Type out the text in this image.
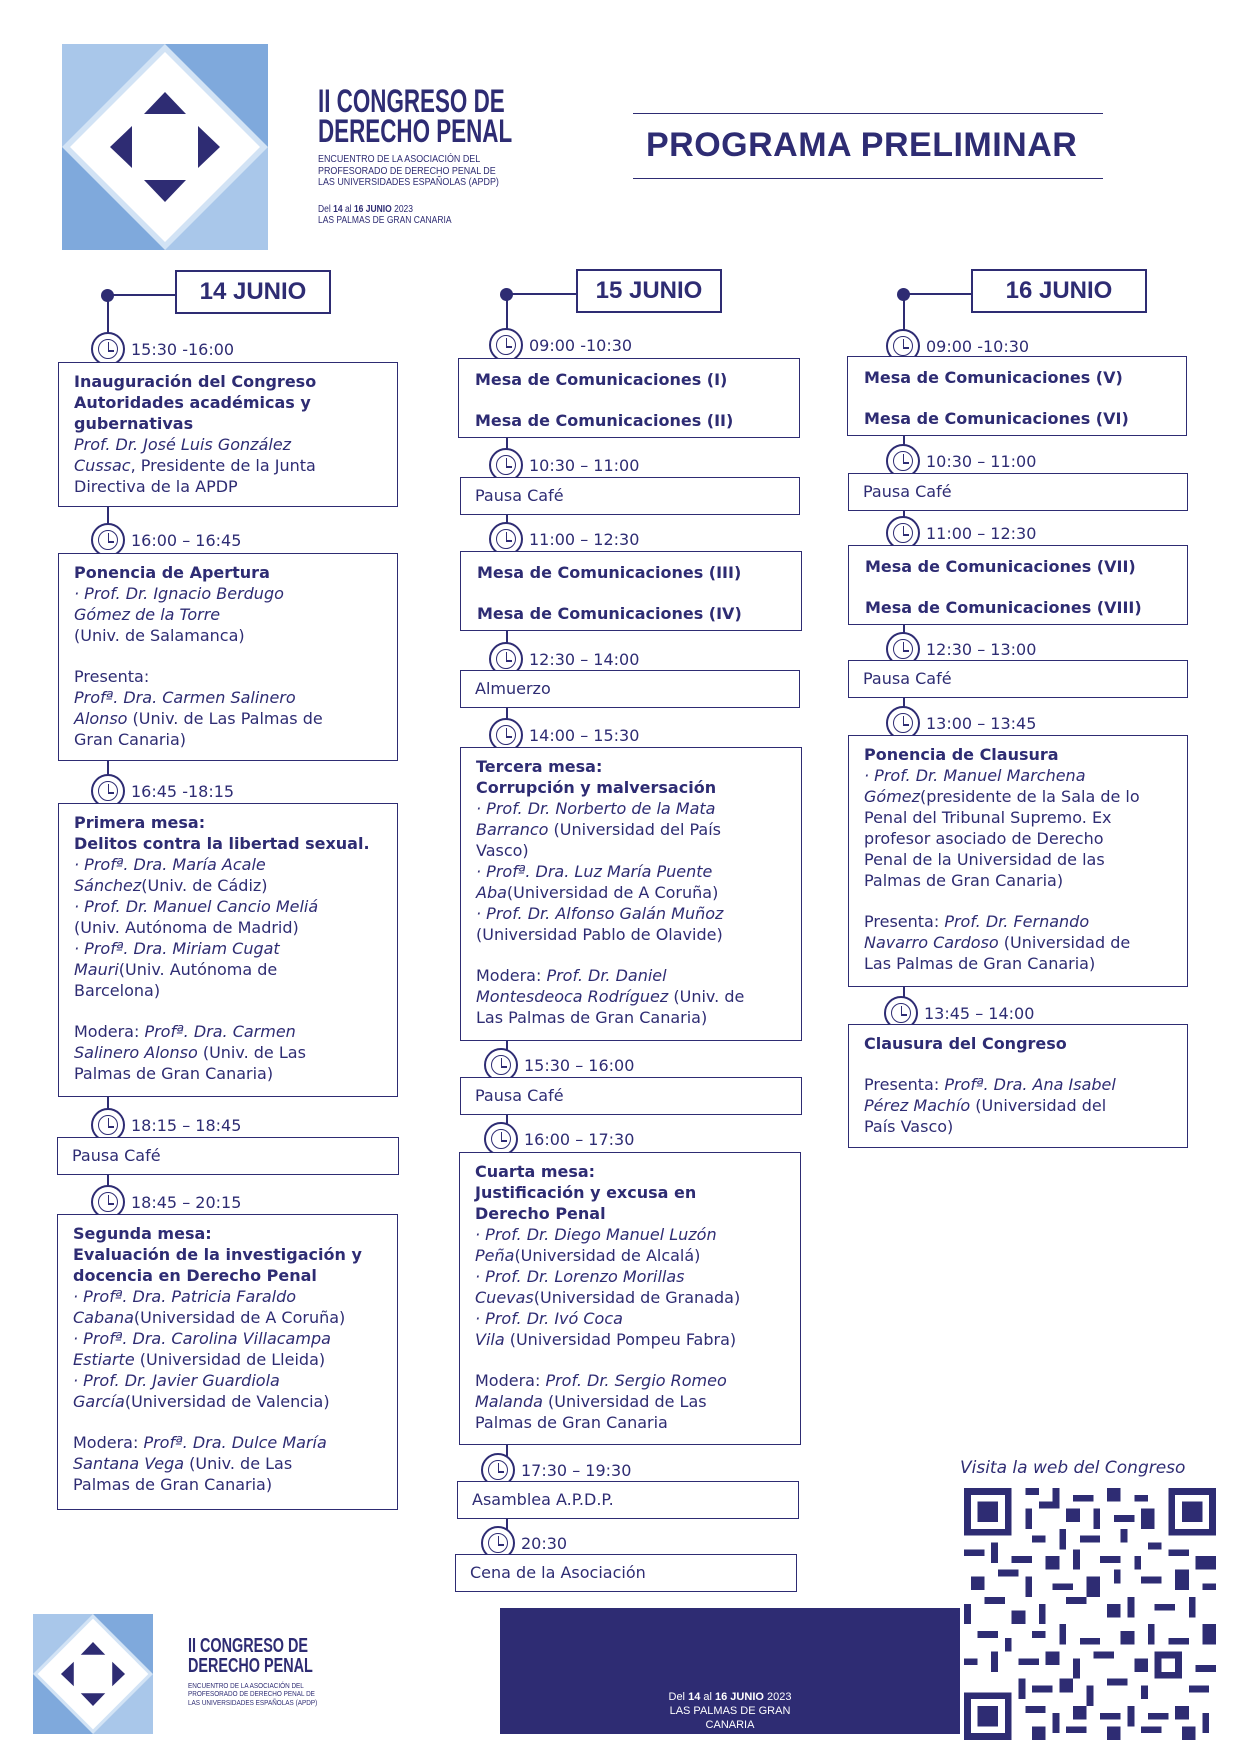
II CONGRESO DE
DERECHO PENAL
ENCUENTRO DE LA ASOCIACIÓN DEL
PROFESORADO DE DERECHO PENAL DE
LAS UNIVERSIDADES ESPAÑOLAS (APDP)
Del 14 al 16 JUNIO 2023
LAS PALMAS DE GRAN CANARIA
PROGRAMA PRELIMINAR
14 JUNIO
15:30 -16:00
Inauguración del Congreso
Autoridades académicas y
gubernativas
Prof. Dr. José Luis González
Cussac, Presidente de la Junta
Directiva de la APDP
16:00 – 16:45
Ponencia de Apertura
· Prof. Dr. Ignacio Berdugo
Gómez de la Torre
(Univ. de Salamanca)
Presenta:
Profª. Dra. Carmen Salinero
Alonso (Univ. de Las Palmas de
Gran Canaria)
16:45 -18:15
Primera mesa:
Delitos contra la libertad sexual.
· Profª. Dra. María Acale
Sánchez(Univ. de Cádiz)
· Prof. Dr. Manuel Cancio Meliá
(Univ. Autónoma de Madrid)
· Profª. Dra. Miriam Cugat
Mauri(Univ. Autónoma de
Barcelona)
Modera: Profª. Dra. Carmen
Salinero Alonso (Univ. de Las
Palmas de Gran Canaria)
18:15 – 18:45
Pausa Café
18:45 – 20:15
Segunda mesa:
Evaluación de la investigación y
docencia en Derecho Penal
· Profª. Dra. Patricia Faraldo
Cabana(Universidad de A Coruña)
· Profª. Dra. Carolina Villacampa
Estiarte (Universidad de Lleida)
· Prof. Dr. Javier Guardiola
García(Universidad de Valencia)
Modera: Profª. Dra. Dulce María
Santana Vega (Univ. de Las
Palmas de Gran Canaria)
15 JUNIO
09:00 -10:30
Mesa de Comunicaciones (I)
Mesa de Comunicaciones (II)
10:30 – 11:00
Pausa Café
11:00 – 12:30
Mesa de Comunicaciones (III)
Mesa de Comunicaciones (IV)
12:30 – 14:00
Almuerzo
14:00 – 15:30
Tercera mesa:
Corrupción y malversación
· Prof. Dr. Norberto de la Mata
Barranco (Universidad del País
Vasco)
· Profª. Dra. Luz María Puente
Aba(Universidad de A Coruña)
· Prof. Dr. Alfonso Galán Muñoz
(Universidad Pablo de Olavide)
Modera: Prof. Dr. Daniel
Montesdeoca Rodríguez (Univ. de
Las Palmas de Gran Canaria)
15:30 – 16:00
Pausa Café
16:00 – 17:30
Cuarta mesa:
Justificación y excusa en
Derecho Penal
· Prof. Dr. Diego Manuel Luzón
Peña(Universidad de Alcalá)
· Prof. Dr. Lorenzo Morillas
Cuevas(Universidad de Granada)
· Prof. Dr. Ivó Coca
Vila (Universidad Pompeu Fabra)
Modera: Prof. Dr. Sergio Romeo
Malanda (Universidad de Las
Palmas de Gran Canaria
17:30 – 19:30
Asamblea A.P.D.P.
20:30
Cena de la Asociación
16 JUNIO
09:00 -10:30
Mesa de Comunicaciones (V)
Mesa de Comunicaciones (VI)
10:30 – 11:00
Pausa Café
11:00 – 12:30
Mesa de Comunicaciones (VII)
Mesa de Comunicaciones (VIII)
12:30 – 13:00
Pausa Café
13:00 – 13:45
Ponencia de Clausura
· Prof. Dr. Manuel Marchena
Gómez(presidente de la Sala de lo
Penal del Tribunal Supremo. Ex
profesor asociado de Derecho
Penal de la Universidad de las
Palmas de Gran Canaria)
Presenta: Prof. Dr. Fernando
Navarro Cardoso (Universidad de
Las Palmas de Gran Canaria)
13:45 – 14:00
Clausura del Congreso
Presenta: Profª. Dra. Ana Isabel
Pérez Machío (Universidad del
País Vasco)
II CONGRESO DE
DERECHO PENAL
ENCUENTRO DE LA ASOCIACIÓN DEL
PROFESORADO DE DERECHO PENAL DE
LAS UNIVERSIDADES ESPAÑOLAS (APDP)	Del 14 al 16 JUNIO 2023
LAS PALMAS DE GRAN CANARIA
Visita la web del Congreso
